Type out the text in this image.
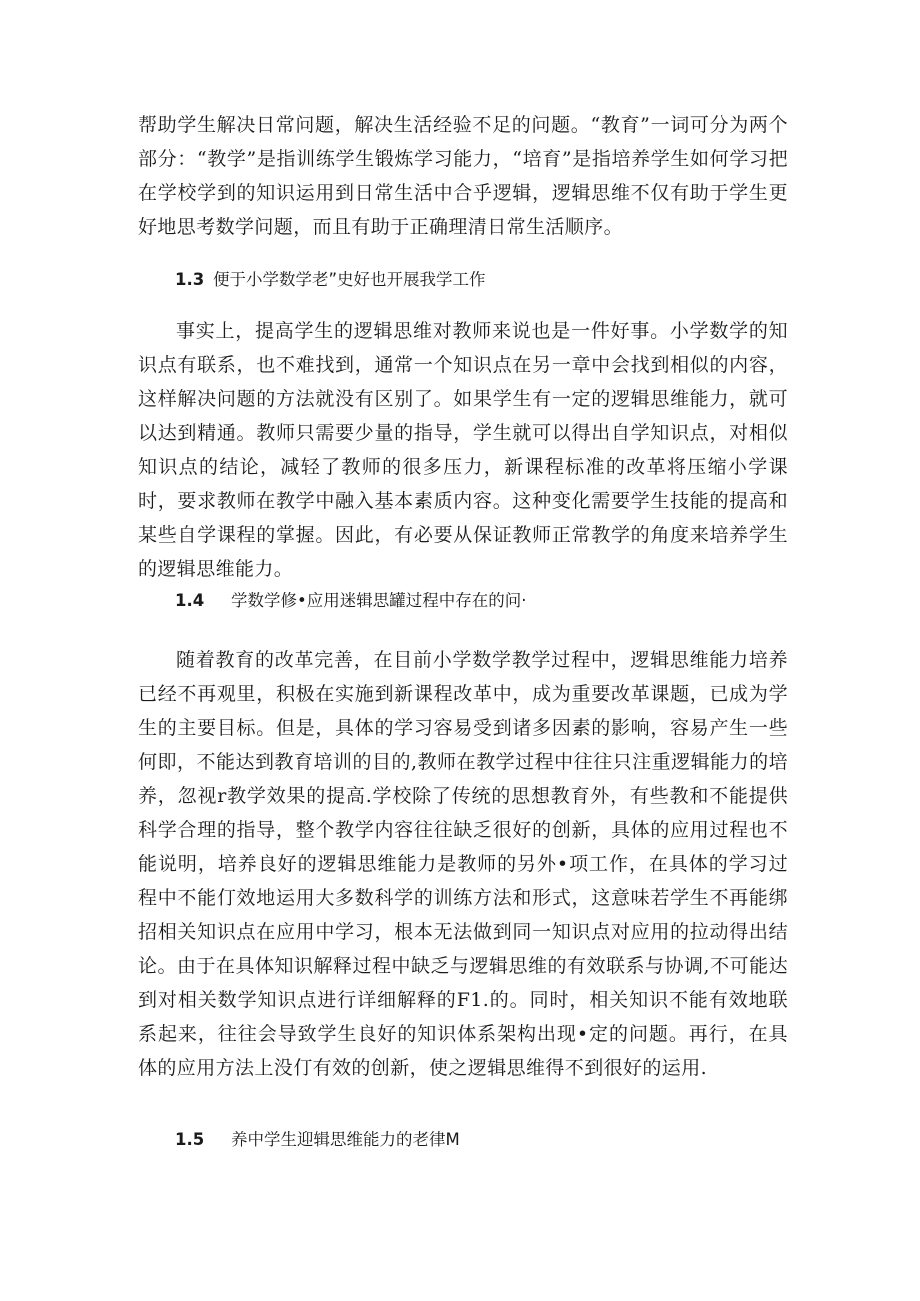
帮助学生解决日常问题，解决生活经验不足的问题。“教育”一词可分为两个部分：“教学”是指训练学生锻炼学习能力，“培育”是指培养学生如何学习把在学校学到的知识运用到日常生活中合乎逻辑，逻辑思维不仅有助于学生更好地思考数学问题，而且有助于正确理清日常生活顺序。

1.3 便于小学数学老”史好也开展我学工作

事实上，提高学生的逻辑思维对教师来说也是一件好事。小学数学的知识点有联系，也不难找到，通常一个知识点在另一章中会找到相似的内容，这样解决问题的方法就没有区别了。如果学生有一定的逻辑思维能力，就可以达到精通。教师只需要少量的指导，学生就可以得出自学知识点，对相似知识点的结论，减轻了教师的很多压力，新课程标准的改革将压缩小学课时，要求教师在教学中融入基本素质内容。这种变化需要学生技能的提高和某些自学课程的掌握。因此，有必要从保证教师正常教学的角度来培养学生的逻辑思维能力。

1.4 学数学修•应用迷辑思罐过程中存在的问·

随着教育的改革完善，在目前小学数学教学过程中，逻辑思维能力培养已经不再观里，积极在实施到新课程改革中，成为重要改革课题，已成为学生的主要目标。但是，具体的学习容易受到诸多因素的影响，容易产生一些何即，不能达到教育培训的目的,教师在教学过程中往往只注重逻辑能力的培养，忽视r教学效果的提高.学校除了传统的思想教育外，有些教和不能提供科学合理的指导，整个教学内容往往缺乏很好的创新，具体的应用过程也不能说明，培养良好的逻辑思维能力是教师的另外•项工作，在具体的学习过程中不能仃效地运用大多数科学的训练方法和形式，这意味若学生不再能绑招相关知识点在应用中学习，根本无法做到同一知识点对应用的拉动得出结论。由于在具体知识解释过程中缺乏与逻辑思维的有效联系与协调,不可能达到对相关数学知识点进行详细解释的F1.的。同时，相关知识不能有效地联系起来，往往会导致学生良好的知识体系架构出现•定的问题。再行，在具体的应用方法上没仃有效的创新，使之逻辑思维得不到很好的运用.

1.5 养中学生迎辑思维能力的老律M
